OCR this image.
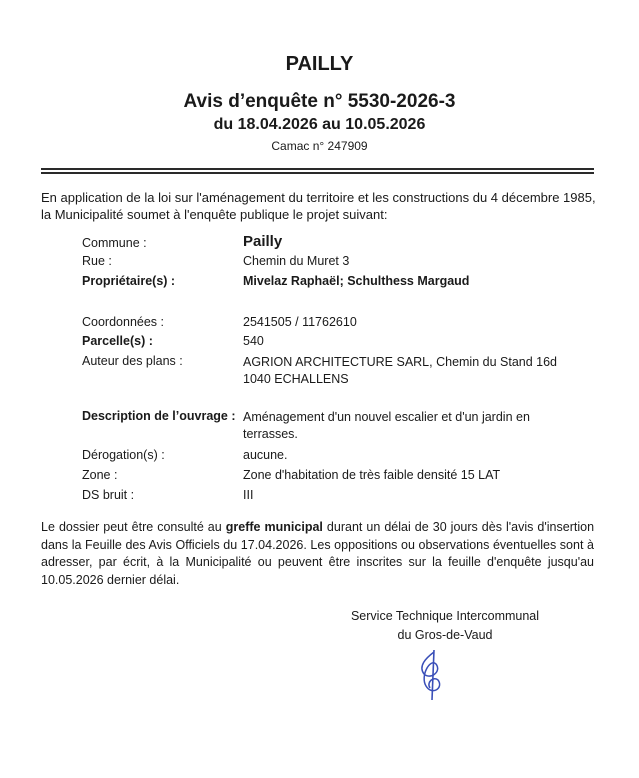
PAILLY
Avis d’enquête n° 5530-2026-3
du 18.04.2026 au 10.05.2026
Camac n° 247909
En application de la loi sur l'aménagement du territoire et les constructions du 4 décembre 1985, la Municipalité soumet à l'enquête publique le projet suivant:
Commune :	Pailly
Rue :	Chemin du Muret 3
Propriétaire(s) :	Mivelaz Raphaël; Schulthess Margaud
Coordonnées :	2541505 / 11762610
Parcelle(s) :	540
Auteur des plans :	AGRION ARCHITECTURE SARL, Chemin du Stand 16d 1040 ECHALLENS
Description de l’ouvrage : Aménagement d'un nouvel escalier et d'un jardin en terrasses.
Dérogation(s) :	aucune.
Zone :	Zone d'habitation de très faible densité 15 LAT
DS bruit :	III
Le dossier peut être consulté au greffe municipal durant un délai de 30 jours dès l'avis d'insertion dans la Feuille des Avis Officiels du 17.04.2026. Les oppositions ou observations éventuelles sont à adresser, par écrit, à la Municipalité ou peuvent être inscrites sur la feuille d'enquête jusqu'au 10.05.2026 dernier délai.
Service Technique Intercommunal
du Gros-de-Vaud
